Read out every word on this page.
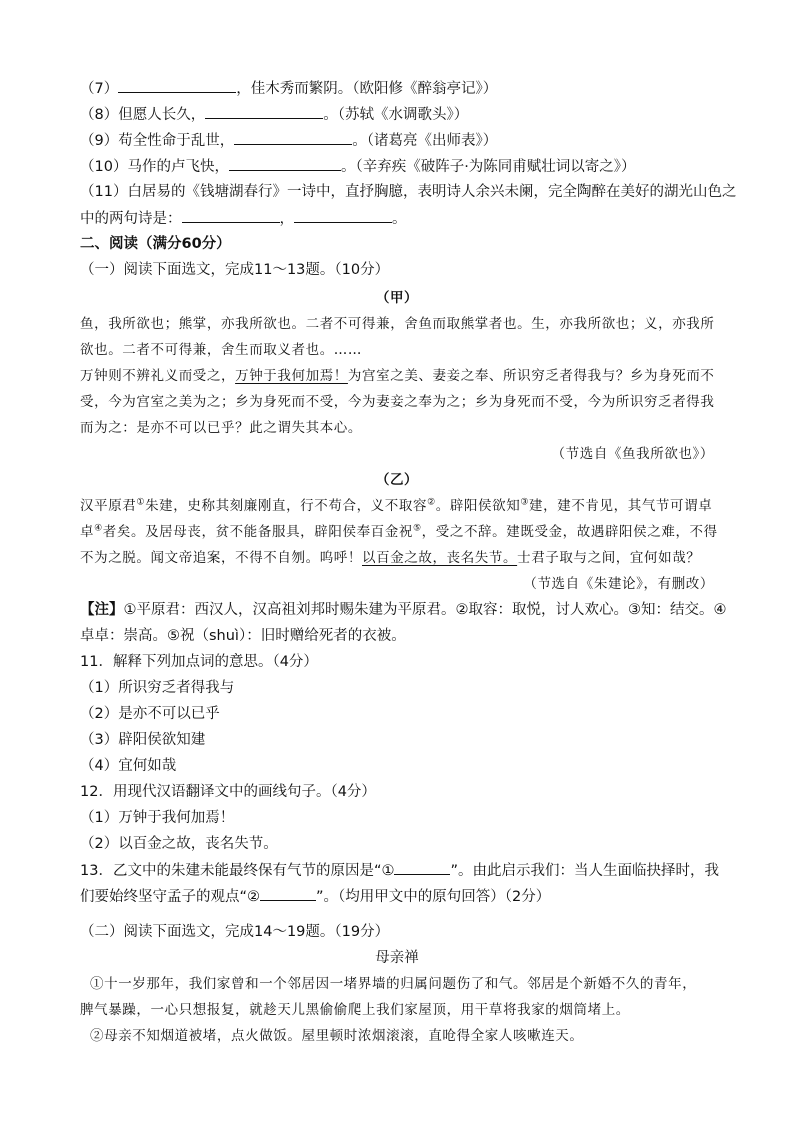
（7）	，佳木秀而繁阴。（欧阳修《醉翁亭记》）
（8）但愿人长久，	。（苏轼《水调歌头》）
（9）苟全性命于乱世，	。（诸葛亮《出师表》）
（10）马作的卢飞快，	。（辛弃疾《破阵子·为陈同甫赋壮词以寄之》）
（11）白居易的《钱塘湖春行》一诗中，直抒胸臆，表明诗人余兴未阑，完全陶醉在美好的湖光山色之
中的两句诗是：	，	。
二、阅读（满分60分）
（一）阅读下面选文，完成11～13题。（10分）
（甲）
鱼，我所欲也；熊掌，亦我所欲也。二者不可得兼，舍鱼而取熊掌者也。生，亦我所欲也；义，亦我所
欲也。二者不可得兼，舍生而取义者也。……
万钟则不辨礼义而受之，万钟于我何加焉！为宫室之美、妻妾之奉、所识穷乏者得我与？乡为身死而不
受，今为宫室之美为之；乡为身死而不受，今为妻妾之奉为之；乡为身死而不受，今为所识穷乏者得我
而为之：是亦不可以已乎？此之谓失其本心。
（节选自《鱼我所欲也》）
（乙）
汉平原君①朱建，史称其刻廉刚直，行不苟合，义不取容②。辟阳侯欲知③建，建不肯见，其气节可谓卓
卓④者矣。及居母丧，贫不能备服具，辟阳侯奉百金祝⑤，受之不辞。建既受金，故遇辟阳侯之难，不得
不为之脱。闻文帝追案，不得不自刎。呜呼！以百金之故，丧名失节。士君子取与之间，宜何如哉？
（节选自《朱建论》，有删改）
【注】①平原君：西汉人，汉高祖刘邦时赐朱建为平原君。②取容：取悦，讨人欢心。③知：结交。④
卓卓：崇高。⑤祝（shuì）：旧时赠给死者的衣被。
11．解释下列加点词的意思。（4分）
（1）所识穷乏者得我与
（2）是亦不可以已乎
（3）辟阳侯欲知建
（4）宜何如哉
12．用现代汉语翻译文中的画线句子。（4分）
（1）万钟于我何加焉！
（2）以百金之故，丧名失节。
13．乙文中的朱建未能最终保有气节的原因是“①	”。由此启示我们：当人生面临抉择时，我
们要始终坚守孟子的观点“②	”。（均用甲文中的原句回答）（2分）
（二）阅读下面选文，完成14～19题。（19分）
母亲禅
①十一岁那年，我们家曾和一个邻居因一堵界墙的归属问题伤了和气。邻居是个新婚不久的青年，
脾气暴躁，一心只想报复，就趁天儿黑偷偷爬上我们家屋顶，用干草将我家的烟筒堵上。
②母亲不知烟道被堵，点火做饭。屋里顿时浓烟滚滚，直呛得全家人咳嗽连天。
